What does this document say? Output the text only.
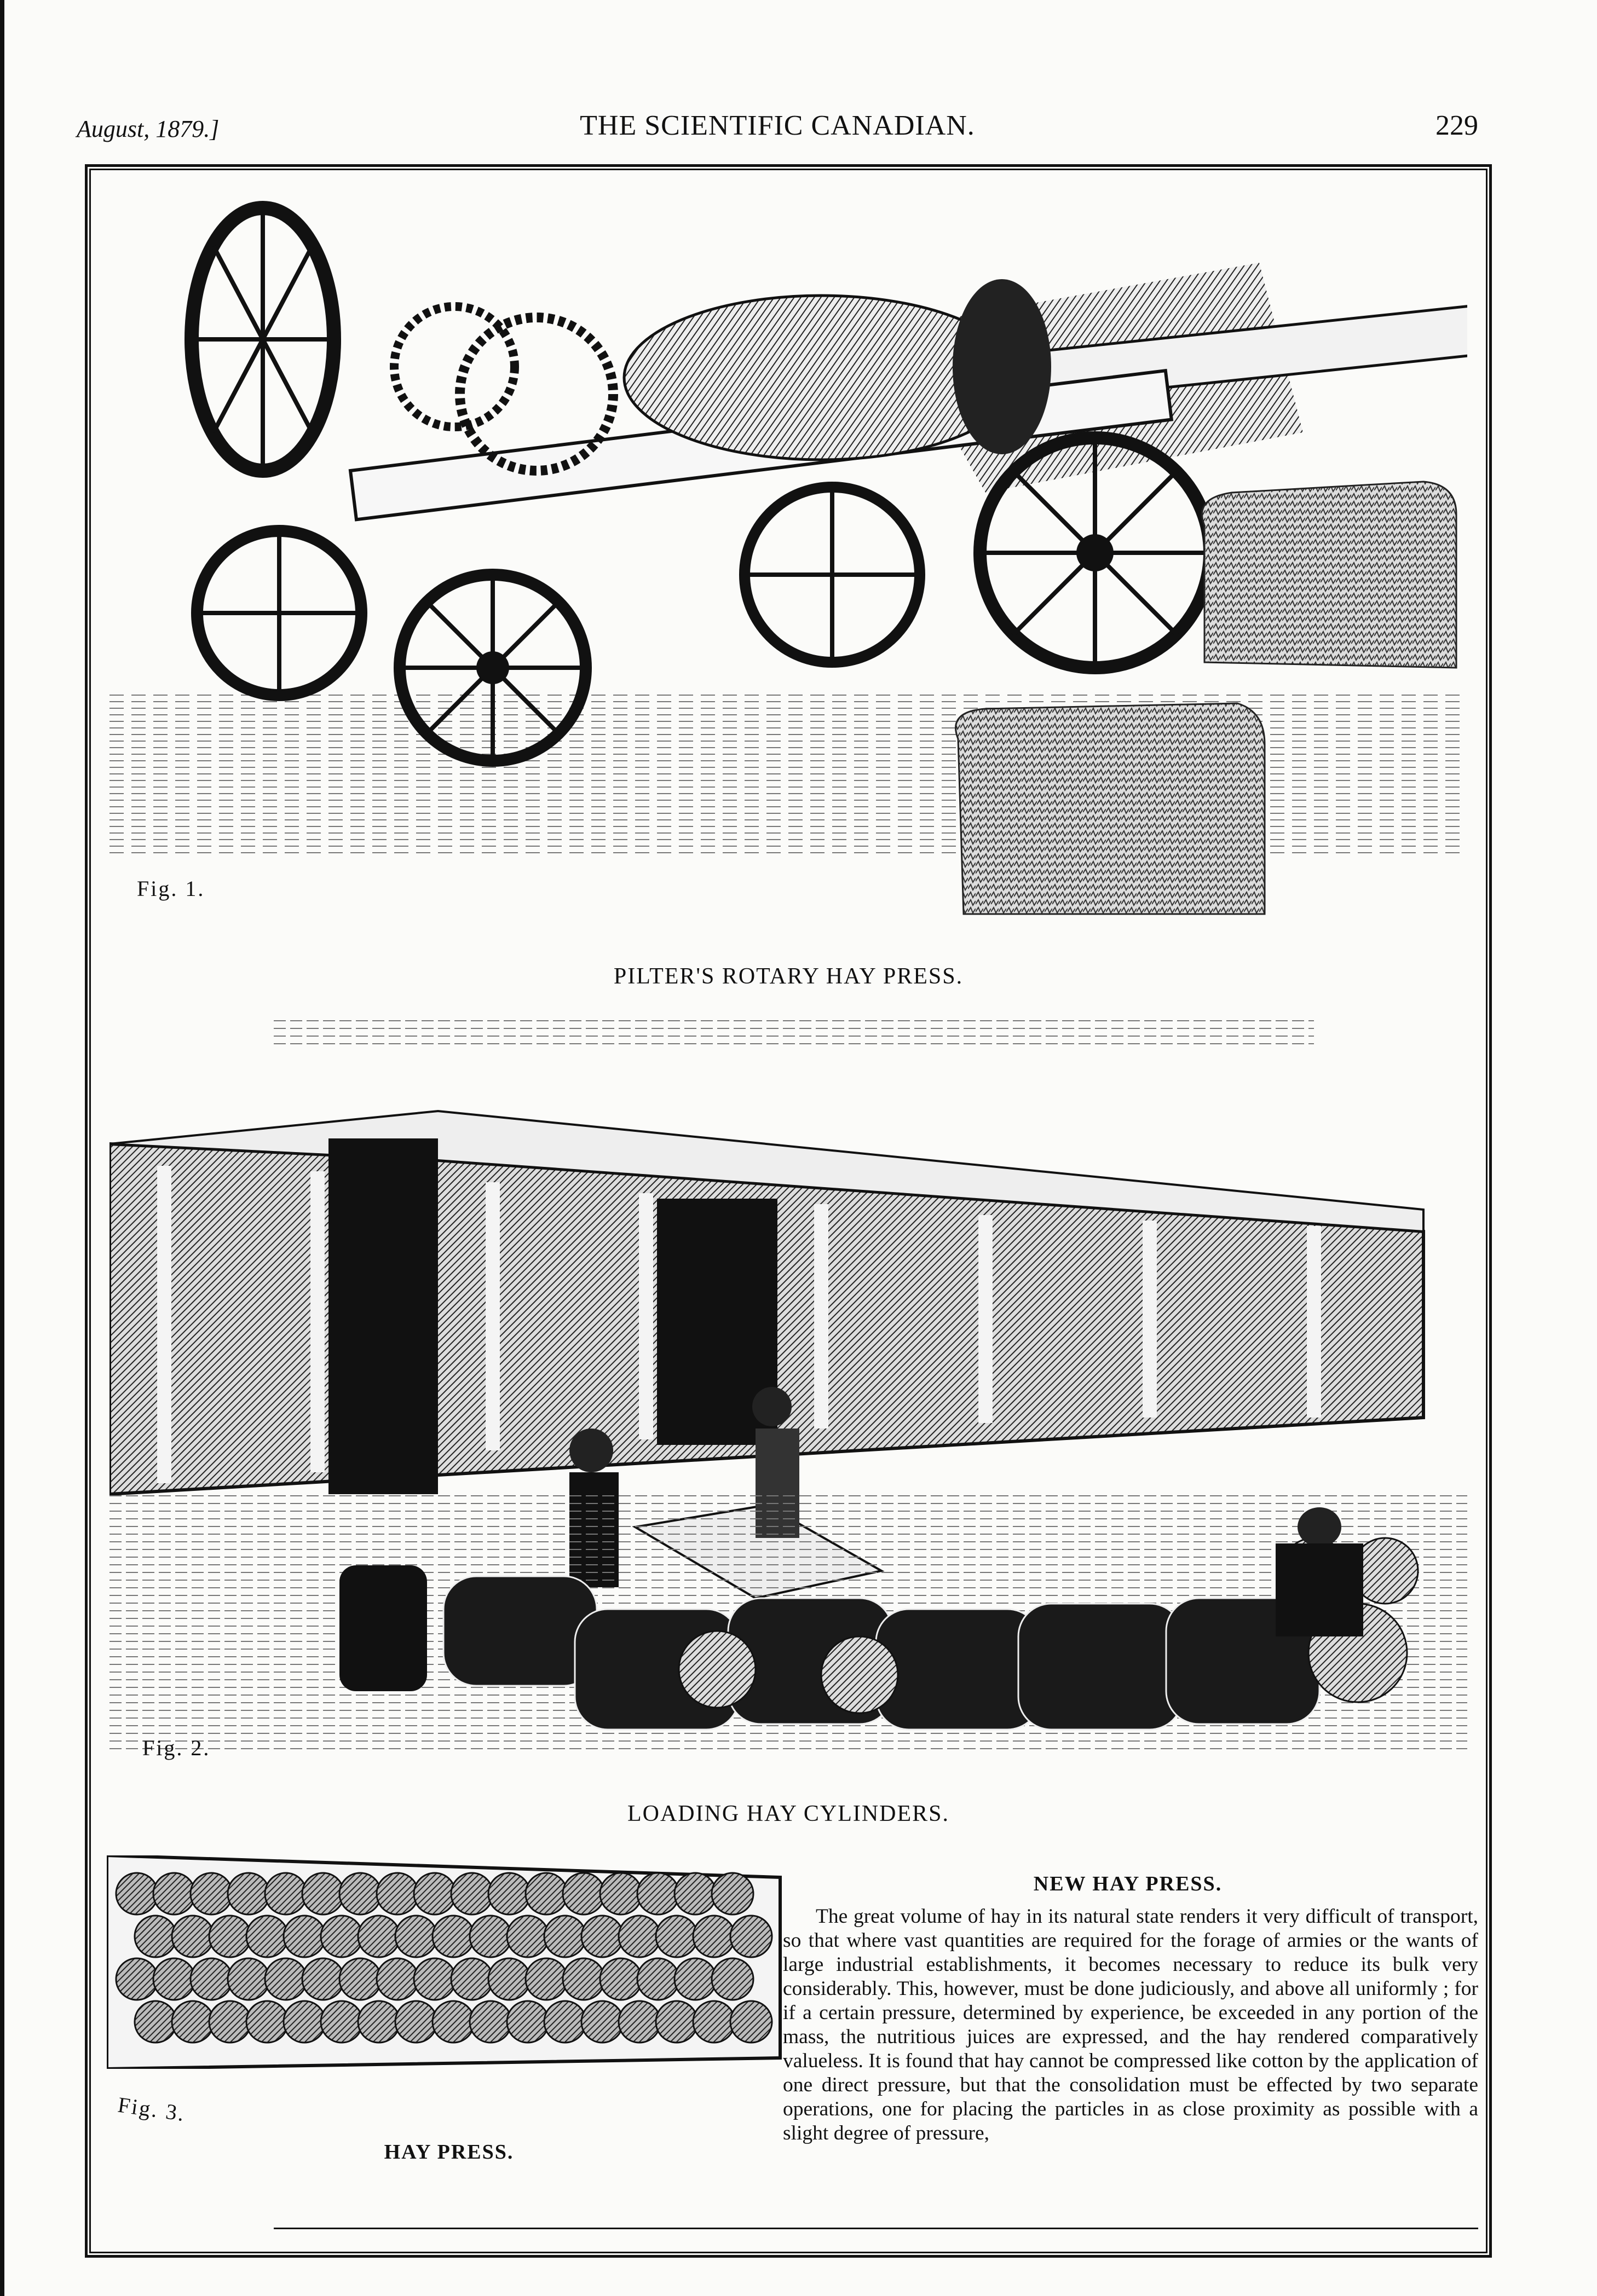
August, 1879.]	THE SCIENTIFIC CANADIAN.	229
Fig. 1.
PILTER'S ROTARY HAY PRESS.
Fig. 2.
LOADING HAY CYLINDERS.
Fig. 3.
HAY PRESS.
NEW HAY PRESS.

The great volume of hay in its natural state renders it very difficult of transport, so that where vast quantities are required for the forage of armies or the wants of large industrial establishments, it becomes necessary to reduce its bulk very considerably. This, however, must be done judiciously, and above all uniformly ; for if a certain pressure, determined by experience, be exceeded in any portion of the mass, the nutritious juices are expressed, and the hay rendered comparatively valueless. It is found that hay cannot be compressed like cotton by the application of one direct pressure, but that the consolidation must be effected by two separate operations, one for placing the particles in as close proximity as possible with a slight degree of pressure,
